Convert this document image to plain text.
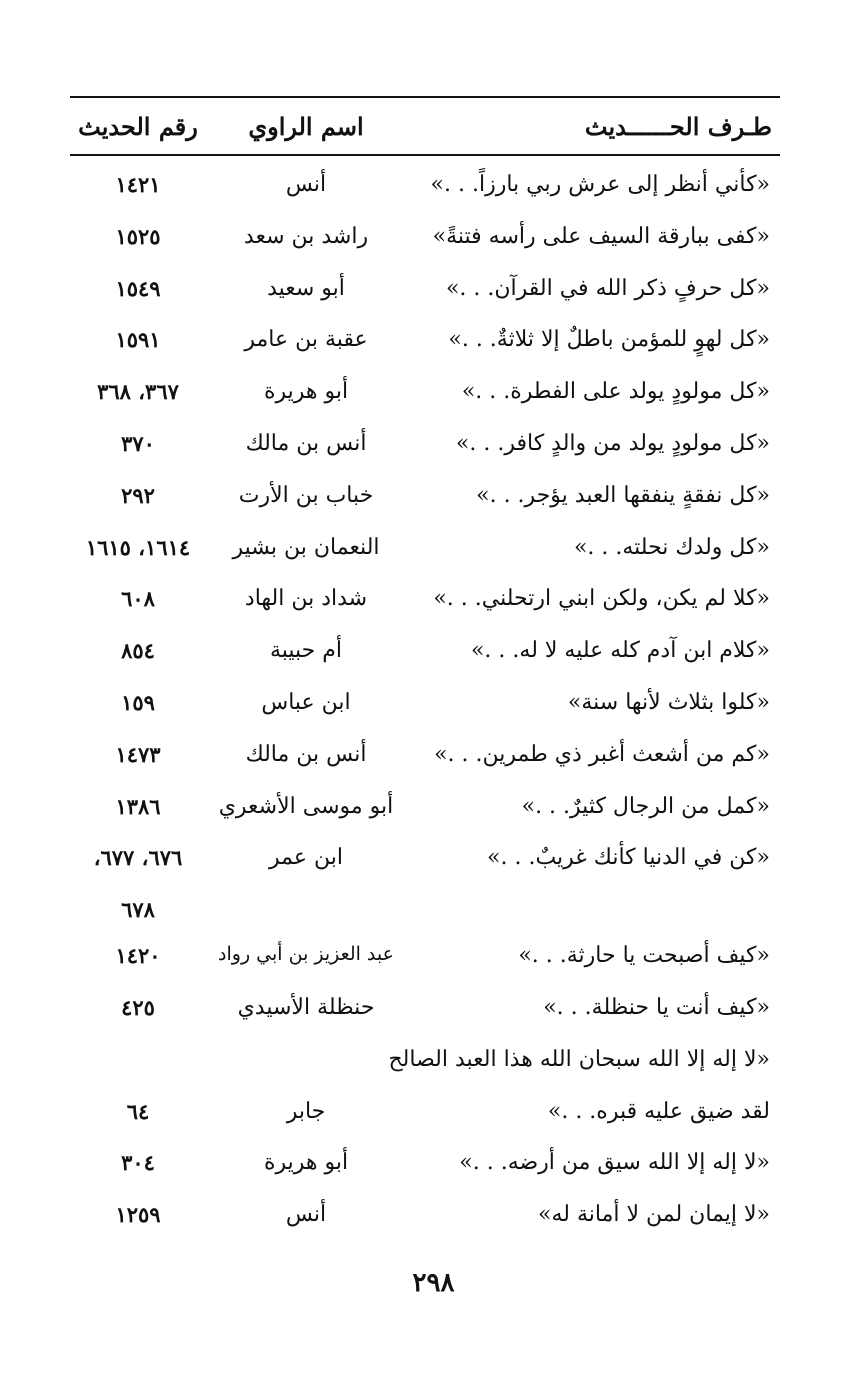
طـرف الحــــــديث
اسم الراوي
رقم الحديث
«كأني أنظر إلى عرش ربي بارزاً. . .»
أنس
١٤٢١
«كفى ببارقة السيف على رأسه فتنةً»
راشد بن سعد
١٥٢٥
«كل حرفٍ ذكر الله في القرآن. . .»
أبو سعيد
١٥٤٩
«كل لهوٍ للمؤمن باطلٌ إلا ثلاثةٌ. . .»
عقبة بن عامر
١٥٩١
«كل مولودٍ يولد على الفطرة. . .»
أبو هريرة
٣٦٧، ٣٦٨
«كل مولودٍ يولد من والدٍ كافر. . .»
أنس بن مالك
٣٧٠
«كل نفقةٍ ينفقها العبد يؤجر. . .»
خباب بن الأرت
٢٩٢
«كل ولدك نحلته. . .»
النعمان بن بشير
١٦١٤، ١٦١٥
«كلا لم يكن، ولكن ابني ارتحلني. . .»
شداد بن الهاد
٦٠٨
«كلام ابن آدم كله عليه لا له. . .»
أم حبيبة
٨٥٤
«كلوا بثلاث لأنها سنة»
ابن عباس
١٥٩
«كم من أشعث أغبر ذي طمرين. . .»
أنس بن مالك
١٤٧٣
«كمل من الرجال كثيرٌ. . .»
أبو موسى الأشعري
١٣٨٦
«كن في الدنيا كأنك غريبٌ. . .»
ابن عمر
٦٧٦، ٦٧٧،
٦٧٨
«كيف أصبحت يا حارثة. . .»
عبد العزيز بن أبي رواد
١٤٢٠
«كيف أنت يا حنظلة. . .»
حنظلة الأسيدي
٤٢٥
«لا إله إلا الله سبحان الله هذا العبد الصالح
لقد ضيق عليه قبره. . .»
جابر
٦٤
«لا إله إلا الله سيق من أرضه. . .»
أبو هريرة
٣٠٤
«لا إيمان لمن لا أمانة له»
أنس
١٢٥٩
٢٩٨
